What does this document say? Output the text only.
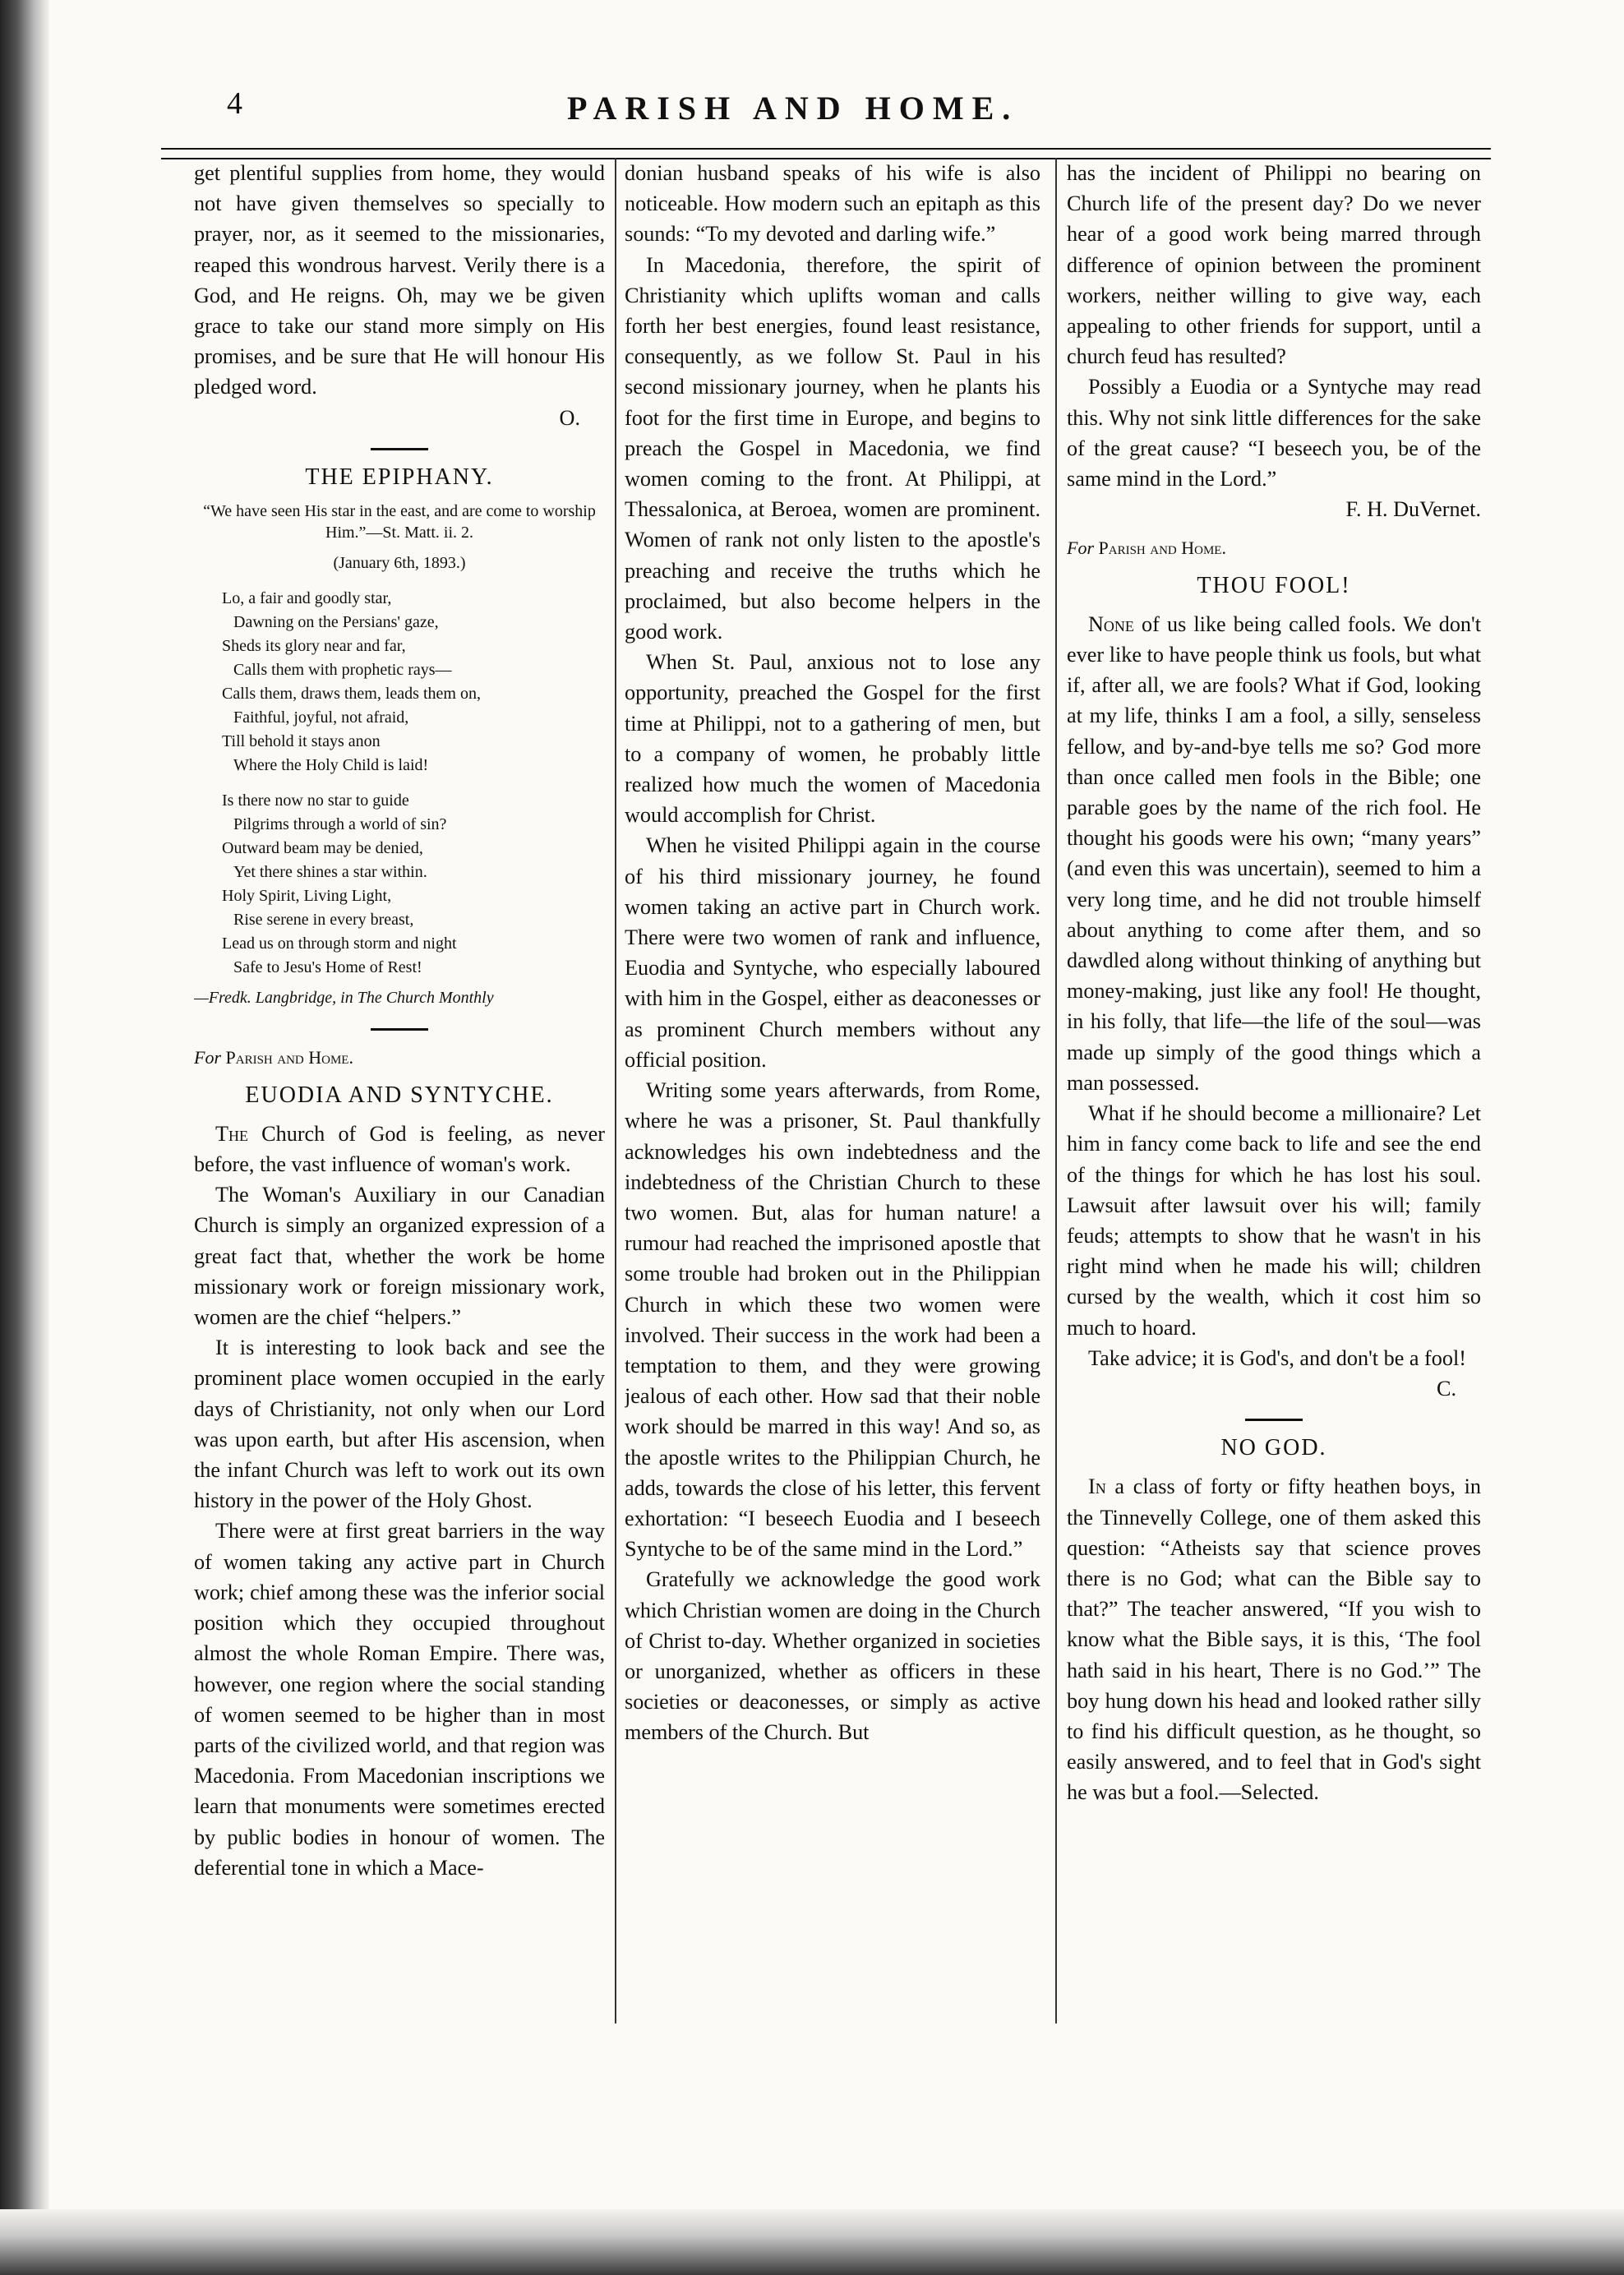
4	PARISH AND HOME.

get plentiful supplies from home, they would not have given themselves so specially to prayer, nor, as it seemed to the missionaries, reaped this wondrous harvest. Verily there is a God, and He reigns. Oh, may we be given grace to take our stand more simply on His promises, and be sure that He will honour His pledged word.

O.

THE EPIPHANY.

“We have seen His star in the east, and are come to worship Him.”—St. Matt. ii. 2.

(January 6th, 1893.)

Lo, a fair and goodly star,

Dawning on the Persians' gaze,

Sheds its glory near and far,

Calls them with prophetic rays—

Calls them, draws them, leads them on,

Faithful, joyful, not afraid,

Till behold it stays anon

Where the Holy Child is laid!

Is there now no star to guide

Pilgrims through a world of sin?

Outward beam may be denied,

Yet there shines a star within.

Holy Spirit, Living Light,

Rise serene in every breast,

Lead us on through storm and night

Safe to Jesu's Home of Rest!

—Fredk. Langbridge, in The Church Monthly

For Parish and Home.

EUODIA AND SYNTYCHE.

The Church of God is feeling, as never before, the vast influence of woman's work.

The Woman's Auxiliary in our Canadian Church is simply an organized expression of a great fact that, whether the work be home missionary work or foreign missionary work, women are the chief “helpers.”

It is interesting to look back and see the prominent place women occupied in the early days of Christianity, not only when our Lord was upon earth, but after His ascension, when the infant Church was left to work out its own history in the power of the Holy Ghost.

There were at first great barriers in the way of women taking any active part in Church work; chief among these was the inferior social position which they occupied throughout almost the whole Roman Empire. There was, however, one region where the social standing of women seemed to be higher than in most parts of the civilized world, and that region was Macedonia. From Macedonian inscriptions we learn that monuments were sometimes erected by public bodies in honour of women. The deferential tone in which a Mace-

donian husband speaks of his wife is also noticeable. How modern such an epitaph as this sounds: “To my devoted and darling wife.”

In Macedonia, therefore, the spirit of Christianity which uplifts woman and calls forth her best energies, found least resistance, consequently, as we follow St. Paul in his second missionary journey, when he plants his foot for the first time in Europe, and begins to preach the Gospel in Macedonia, we find women coming to the front. At Philippi, at Thessalonica, at Beroea, women are prominent. Women of rank not only listen to the apostle's preaching and receive the truths which he proclaimed, but also become helpers in the good work.

When St. Paul, anxious not to lose any opportunity, preached the Gospel for the first time at Philippi, not to a gathering of men, but to a company of women, he probably little realized how much the women of Macedonia would accomplish for Christ.

When he visited Philippi again in the course of his third missionary journey, he found women taking an active part in Church work. There were two women of rank and influence, Euodia and Syntyche, who especially laboured with him in the Gospel, either as deaconesses or as prominent Church members without any official position.

Writing some years afterwards, from Rome, where he was a prisoner, St. Paul thankfully acknowledges his own indebtedness and the indebtedness of the Christian Church to these two women. But, alas for human nature! a rumour had reached the imprisoned apostle that some trouble had broken out in the Philippian Church in which these two women were involved. Their success in the work had been a temptation to them, and they were growing jealous of each other. How sad that their noble work should be marred in this way! And so, as the apostle writes to the Philippian Church, he adds, towards the close of his letter, this fervent exhortation: “I beseech Euodia and I beseech Syntyche to be of the same mind in the Lord.”

Gratefully we acknowledge the good work which Christian women are doing in the Church of Christ to-day. Whether organized in societies or unorganized, whether as officers in these societies or deaconesses, or simply as active members of the Church. But

has the incident of Philippi no bearing on Church life of the present day? Do we never hear of a good work being marred through difference of opinion between the prominent workers, neither willing to give way, each appealing to other friends for support, until a church feud has resulted?

Possibly a Euodia or a Syntyche may read this. Why not sink little differences for the sake of the great cause? “I beseech you, be of the same mind in the Lord.”

F. H. DuVernet.

For Parish and Home.

THOU FOOL!

None of us like being called fools. We don't ever like to have people think us fools, but what if, after all, we are fools? What if God, looking at my life, thinks I am a fool, a silly, senseless fellow, and by-and-bye tells me so? God more than once called men fools in the Bible; one parable goes by the name of the rich fool. He thought his goods were his own; “many years” (and even this was uncertain), seemed to him a very long time, and he did not trouble himself about anything to come after them, and so dawdled along without thinking of anything but money-making, just like any fool! He thought, in his folly, that life—the life of the soul—was made up simply of the good things which a man possessed.

What if he should become a millionaire? Let him in fancy come back to life and see the end of the things for which he has lost his soul. Lawsuit after lawsuit over his will; family feuds; attempts to show that he wasn't in his right mind when he made his will; children cursed by the wealth, which it cost him so much to hoard.

Take advice; it is God's, and don't be a fool!

C.

NO GOD.

In a class of forty or fifty heathen boys, in the Tinnevelly College, one of them asked this question: “Atheists say that science proves there is no God; what can the Bible say to that?” The teacher answered, “If you wish to know what the Bible says, it is this, ‘The fool hath said in his heart, There is no God.’” The boy hung down his head and looked rather silly to find his difficult question, as he thought, so easily answered, and to feel that in God's sight he was but a fool.—Selected.
